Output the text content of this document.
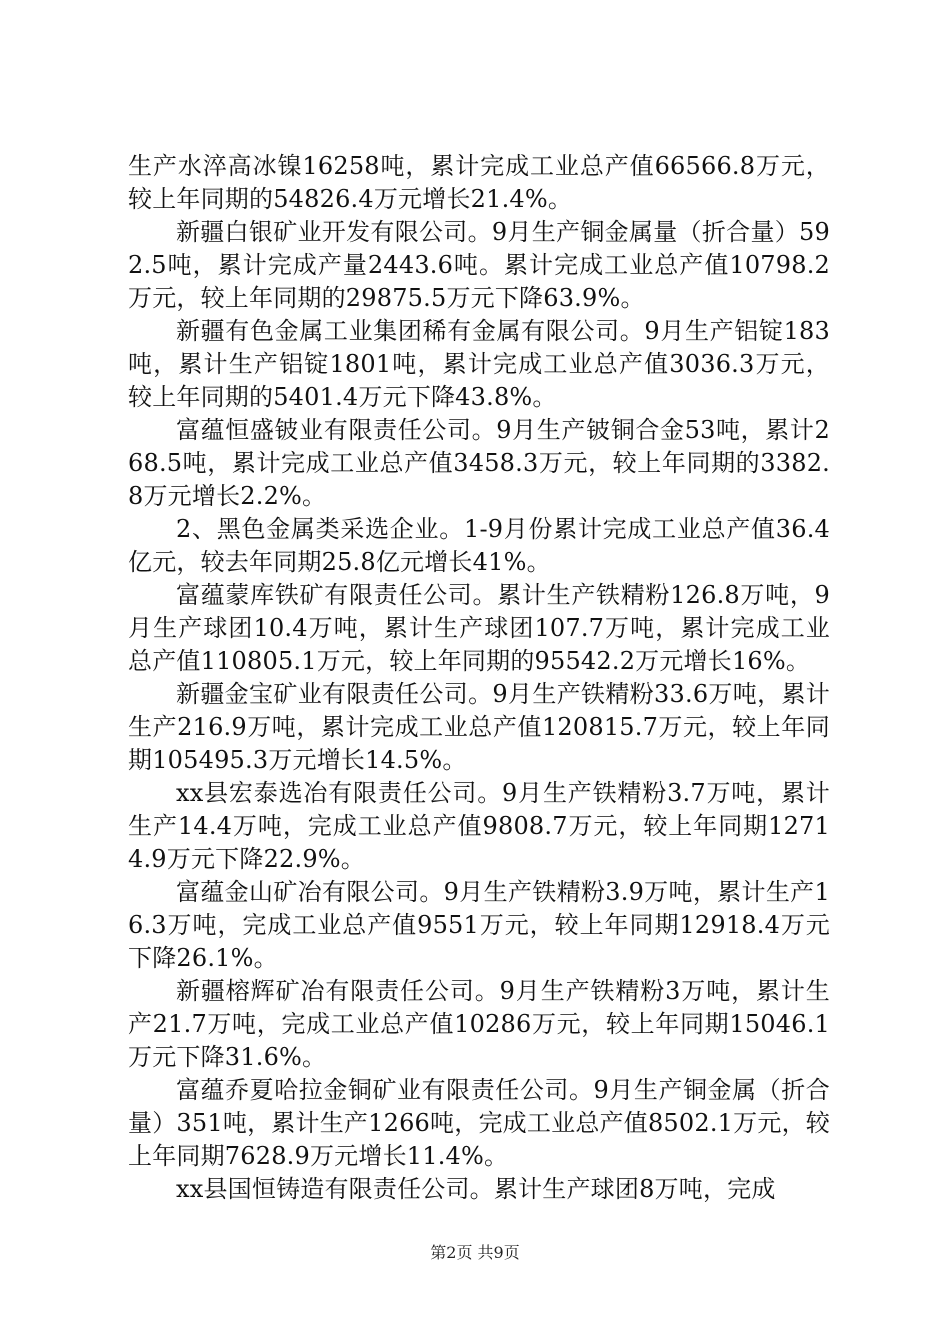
生产水淬高冰镍16258吨，累计完成工业总产值66566.8万元，较上年同期的54826.4万元增长21.4%。

新疆白银矿业开发有限公司。9月生产铜金属量（折合量）592.5吨，累计完成产量2443.6吨。累计完成工业总产值10798.2万元，较上年同期的29875.5万元下降63.9%。

新疆有色金属工业集团稀有金属有限公司。9月生产铝锭183吨，累计生产铝锭1801吨，累计完成工业总产值3036.3万元，较上年同期的5401.4万元下降43.8%。

富蕴恒盛铍业有限责任公司。9月生产铍铜合金53吨，累计268.5吨，累计完成工业总产值3458.3万元，较上年同期的3382.8万元增长2.2%。

2、黑色金属类采选企业。1-9月份累计完成工业总产值36.4亿元，较去年同期25.8亿元增长41%。

富蕴蒙库铁矿有限责任公司。累计生产铁精粉126.8万吨，9月生产球团10.4万吨，累计生产球团107.7万吨，累计完成工业总产值110805.1万元，较上年同期的95542.2万元增长16%。

新疆金宝矿业有限责任公司。9月生产铁精粉33.6万吨，累计生产216.9万吨，累计完成工业总产值120815.7万元，较上年同期105495.3万元增长14.5%。

xx县宏泰选冶有限责任公司。9月生产铁精粉3.7万吨，累计生产14.4万吨，完成工业总产值9808.7万元，较上年同期12714.9万元下降22.9%。

富蕴金山矿冶有限公司。9月生产铁精粉3.9万吨，累计生产16.3万吨，完成工业总产值9551万元，较上年同期12918.4万元下降26.1%。

新疆榕辉矿冶有限责任公司。9月生产铁精粉3万吨，累计生产21.7万吨，完成工业总产值10286万元，较上年同期15046.1万元下降31.6%。

富蕴乔夏哈拉金铜矿业有限责任公司。9月生产铜金属（折合量）351吨，累计生产1266吨，完成工业总产值8502.1万元，较上年同期7628.9万元增长11.4%。

xx县国恒铸造有限责任公司。累计生产球团8万吨，完成

第2页 共9页
